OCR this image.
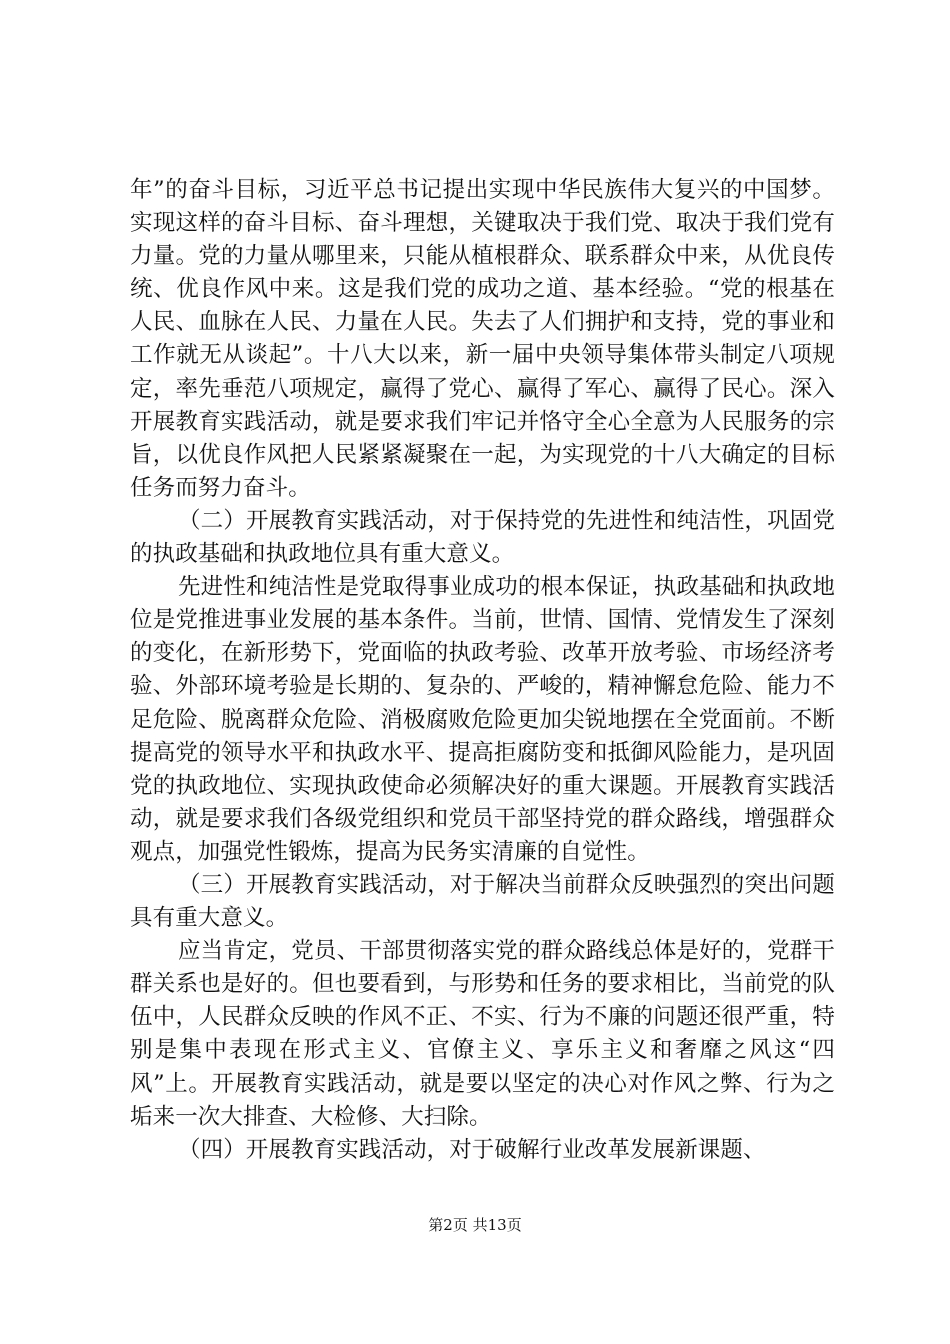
年”的奋斗目标，习近平总书记提出实现中华民族伟大复兴的中国梦。实现这样的奋斗目标、奋斗理想，关键取决于我们党、取决于我们党有力量。党的力量从哪里来，只能从植根群众、联系群众中来，从优良传统、优良作风中来。这是我们党的成功之道、基本经验。“党的根基在人民、血脉在人民、力量在人民。失去了人们拥护和支持，党的事业和工作就无从谈起”。十八大以来，新一届中央领导集体带头制定八项规定，率先垂范八项规定，赢得了党心、赢得了军心、赢得了民心。深入开展教育实践活动，就是要求我们牢记并恪守全心全意为人民服务的宗旨，以优良作风把人民紧紧凝聚在一起，为实现党的十八大确定的目标任务而努力奋斗。

（二）开展教育实践活动，对于保持党的先进性和纯洁性，巩固党的执政基础和执政地位具有重大意义。

先进性和纯洁性是党取得事业成功的根本保证，执政基础和执政地位是党推进事业发展的基本条件。当前，世情、国情、党情发生了深刻的变化，在新形势下，党面临的执政考验、改革开放考验、市场经济考验、外部环境考验是长期的、复杂的、严峻的，精神懈怠危险、能力不足危险、脱离群众危险、消极腐败危险更加尖锐地摆在全党面前。不断提高党的领导水平和执政水平、提高拒腐防变和抵御风险能力，是巩固党的执政地位、实现执政使命必须解决好的重大课题。开展教育实践活动，就是要求我们各级党组织和党员干部坚持党的群众路线，增强群众观点，加强党性锻炼，提高为民务实清廉的自觉性。

（三）开展教育实践活动，对于解决当前群众反映强烈的突出问题具有重大意义。

应当肯定，党员、干部贯彻落实党的群众路线总体是好的，党群干群关系也是好的。但也要看到，与形势和任务的要求相比，当前党的队伍中，人民群众反映的作风不正、不实、行为不廉的问题还很严重，特别是集中表现在形式主义、官僚主义、享乐主义和奢靡之风这“四风”上。开展教育实践活动，就是要以坚定的决心对作风之弊、行为之垢来一次大排查、大检修、大扫除。

（四）开展教育实践活动，对于破解行业改革发展新课题、

第2页 共13页
